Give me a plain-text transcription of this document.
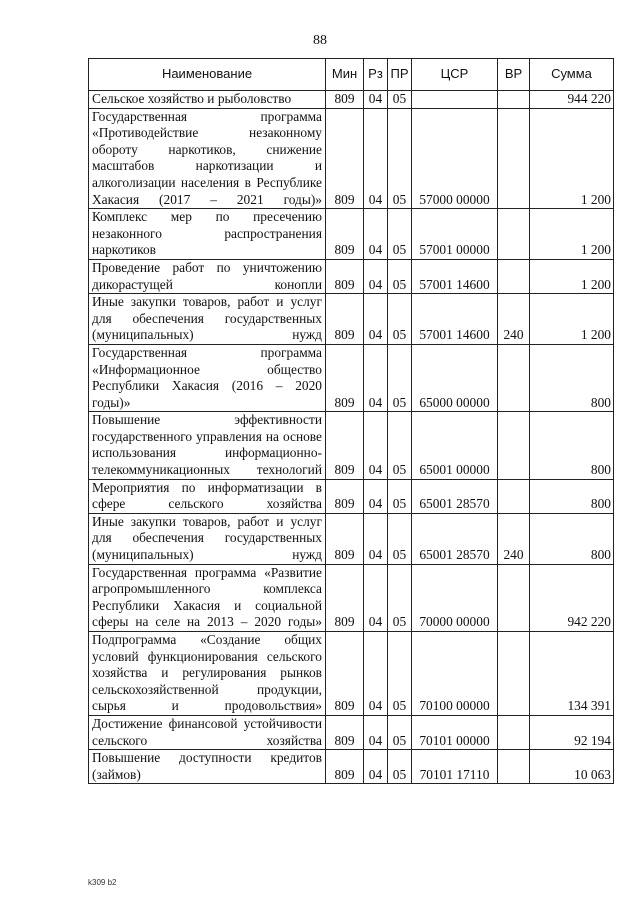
88
Наименование	Мин	Рз	ПР	ЦСР	ВР	Сумма
Сельское хозяйство и рыболовство	809	04	05			944 220
Государственная программа «Противодействие незаконному обороту наркотиков, снижение масштабов наркотизации и алкоголизации населения в Республике Хакасия (2017 – 2021 годы)»	809	04	05	57000 00000		1 200
Комплекс мер по пресечению незаконного распространения наркотиков	809	04	05	57001 00000		1 200
Проведение работ по уничтожению дикорастущей конопли	809	04	05	57001 14600		1 200
Иные закупки товаров, работ и услуг для обеспечения государственных (муниципальных) нужд	809	04	05	57001 14600	240	1 200
Государственная программа «Информационное общество Республики Хакасия (2016 – 2020 годы)»	809	04	05	65000 00000		800
Повышение эффективности государственного управления на основе использования информационно-телекоммуникационных технологий	809	04	05	65001 00000		800
Мероприятия по информатизации в сфере сельского хозяйства	809	04	05	65001 28570		800
Иные закупки товаров, работ и услуг для обеспечения государственных (муниципальных) нужд	809	04	05	65001 28570	240	800
Государственная программа «Развитие агропромышленного комплекса Республики Хакасия и социальной сферы на селе на 2013 – 2020 годы»	809	04	05	70000 00000		942 220
Подпрограмма «Создание общих условий функционирования сельского хозяйства и регулирования рынков сельскохозяйственной продукции, сырья и продовольствия»	809	04	05	70100 00000		134 391
Достижение финансовой устойчивости сельского хозяйства	809	04	05	70101 00000		92 194
Повышение доступности кредитов (займов)	809	04	05	70101 17110		10 063
k309 b2
